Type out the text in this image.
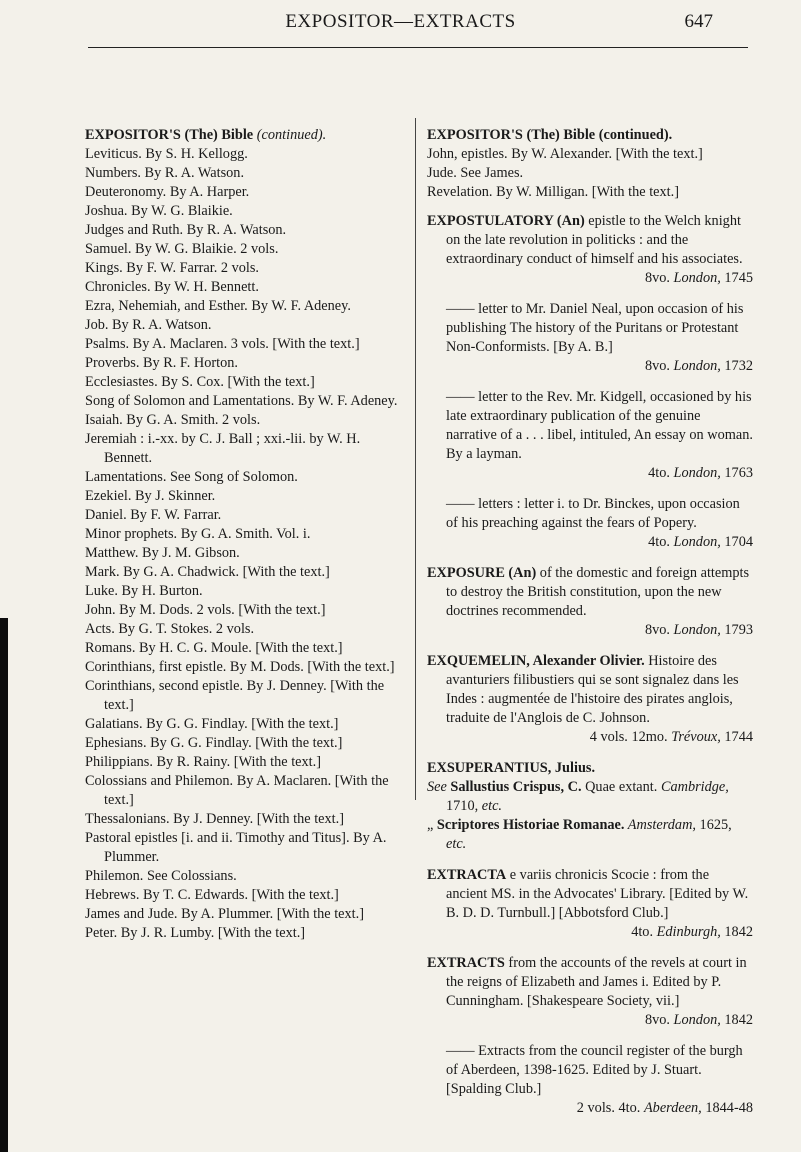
EXPOSITOR—EXTRACTS	647
EXPOSITOR'S (The) Bible (continued).
Leviticus. By S. H. Kellogg.
Numbers. By R. A. Watson.
Deuteronomy. By A. Harper.
Joshua. By W. G. Blaikie.
Judges and Ruth. By R. A. Watson.
Samuel. By W. G. Blaikie. 2 vols.
Kings. By F. W. Farrar. 2 vols.
Chronicles. By W. H. Bennett.
Ezra, Nehemiah, and Esther. By W. F. Adeney.
Job. By R. A. Watson.
Psalms. By A. Maclaren. 3 vols. [With the text.]
Proverbs. By R. F. Horton.
Ecclesiastes. By S. Cox. [With the text.]
Song of Solomon and Lamentations. By W. F. Adeney.
Isaiah. By G. A. Smith. 2 vols.
Jeremiah : i.-xx. by C. J. Ball ; xxi.-lii. by W. H. Bennett.
Lamentations. See Song of Solomon.
Ezekiel. By J. Skinner.
Daniel. By F. W. Farrar.
Minor prophets. By G. A. Smith. Vol. i.
Matthew. By J. M. Gibson.
Mark. By G. A. Chadwick. [With the text.]
Luke. By H. Burton.
John. By M. Dods. 2 vols. [With the text.]
Acts. By G. T. Stokes. 2 vols.
Romans. By H. C. G. Moule. [With the text.]
Corinthians, first epistle. By M. Dods. [With the text.]
Corinthians, second epistle. By J. Denney. [With the text.]
Galatians. By G. G. Findlay. [With the text.]
Ephesians. By G. G. Findlay. [With the text.]
Philippians. By R. Rainy. [With the text.]
Colossians and Philemon. By A. Maclaren. [With the text.]
Thessalonians. By J. Denney. [With the text.]
Pastoral epistles [i. and ii. Timothy and Titus]. By A. Plummer.
Philemon. See Colossians.
Hebrews. By T. C. Edwards. [With the text.]
James and Jude. By A. Plummer. [With the text.]
Peter. By J. R. Lumby. [With the text.]
EXPOSITOR'S (The) Bible (continued).
John, epistles. By W. Alexander. [With the text.]
Jude. See James.
Revelation. By W. Milligan. [With the text.]
EXPOSTULATORY (An) epistle to the Welch knight on the late revolution in politicks : and the extraordinary conduct of himself and his associates.
8vo. London, 1745
—— letter to Mr. Daniel Neal, upon occasion of his publishing The history of the Puritans or Protestant Non-Conformists. [By A. B.]
8vo. London, 1732
—— letter to the Rev. Mr. Kidgell, occasioned by his late extraordinary publication of the genuine narrative of a . . . libel, intituled, An essay on woman. By a layman.
4to. London, 1763
—— letters : letter i. to Dr. Binckes, upon occasion of his preaching against the fears of Popery.
4to. London, 1704
EXPOSURE (An) of the domestic and foreign attempts to destroy the British constitution, upon the new doctrines recommended.
8vo. London, 1793
EXQUEMELIN, Alexander Olivier. Histoire des avanturiers filibustiers qui se sont signalez dans les Indes : augmentée de l'histoire des pirates anglois, traduite de l'Anglois de C. Johnson.
4 vols. 12mo. Trévoux, 1744
EXSUPERANTIUS, Julius.
See Sallustius Crispus, C. Quae extant. Cambridge, 1710, etc.
„ Scriptores Historiae Romanae. Amsterdam, 1625, etc.
EXTRACTA e variis chronicis Scocie : from the ancient MS. in the Advocates' Library. [Edited by W. B. D. D. Turnbull.] [Abbotsford Club.]
4to. Edinburgh, 1842
EXTRACTS from the accounts of the revels at court in the reigns of Elizabeth and James i. Edited by P. Cunningham. [Shakespeare Society, vii.]
8vo. London, 1842
—— Extracts from the council register of the burgh of Aberdeen, 1398-1625. Edited by J. Stuart. [Spalding Club.]
2 vols. 4to. Aberdeen, 1844-48
